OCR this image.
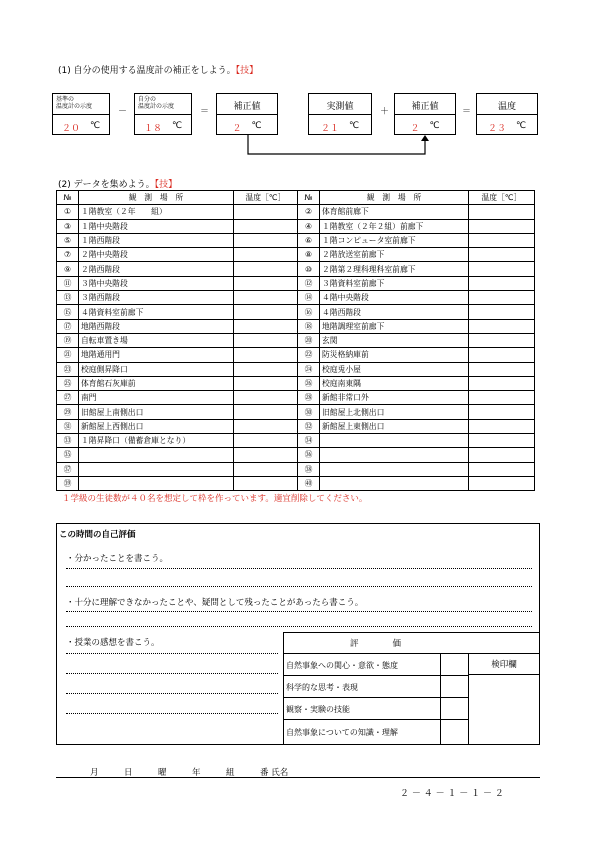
(1) 自分の使用する温度計の補正をしよう。【技】
基準の
温度計の示度
２０ ℃
－
自分の
温度計の示度
１８ ℃
＝	補正値
２ ℃
実測値
２１ ℃
＋	補正値
２ ℃
＝	温度
２３ ℃
(2) データを集めよう。【技】
№	観　測　場　所	温度［℃］	№	観　測　場　所	温度［℃］
①	１階教室（２年　　組）		②	体育館前廊下	
③	１階中央階段		④	１階教室（２年２組）前廊下	
⑤	１階西階段		⑥	１階コンピュータ室前廊下	
⑦	２階中央階段		⑧	２階放送室前廊下	
⑨	２階西階段		⑩	２階第２理科理科室前廊下	
⑪	３階中央階段		⑫	３階資料室前廊下	
⑬	３階西階段		⑭	４階中央階段	
⑮	４階資料室前廊下		⑯	４階西階段	
⑰	地階西階段		⑱	地階調理室前廊下	
⑲	自転車置き場		⑳	玄関	
㉑	地階通用門		㉒	防災格納庫前	
㉓	校庭側昇降口		㉔	校庭兎小屋	
㉕	体育館石灰庫前		㉖	校庭南東隅	
㉗	南門		㉘	新館非常口外	
㉙	旧館屋上南側出口		㉚	旧館屋上北側出口	
㉛	新館屋上西側出口		㉜	新館屋上東側出口	
㉝	１階昇降口（備蓄倉庫となり）		㉞		
㉟			㊱		
㊲			㊳		
㊴			㊵		
１学級の生徒数が４０名を想定して枠を作っています。適宜削除してください。
この時間の自己評価
・分かったことを書こう。
・十分に理解できなかったことや、疑問として残ったことがあったら書こう。
・授業の感想を書こう。	評　　　　価
検印欄
自然事象への関心・意欲・態度
科学的な思考・表現
観察・実験の技能
自然事象についての知識・理解
月　　　日　　　曜　　　年　　　組　　　番 氏名
２ － ４ － １ － １ － ２
